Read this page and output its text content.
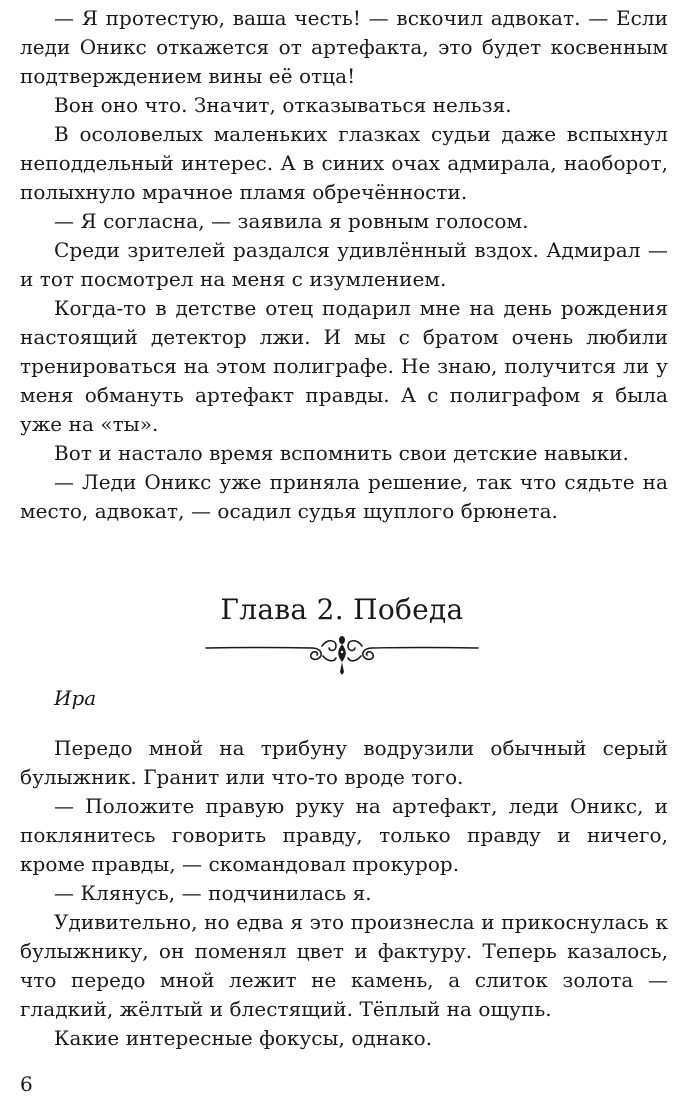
— Я протестую, ваша честь! — вскочил адвокат. — Если леди Оникс откажется от артефакта, это будет косвенным подтверждением вины её отца!

Вон оно что. Значит, отказываться нельзя.

В осоловелых маленьких глазках судьи даже вспыхнул неподдельный интерес. А в синих очах адмирала, наоборот, полыхнуло мрачное пламя обречённости.

— Я согласна, — заявила я ровным голосом.

Среди зрителей раздался удивлённый вздох. Адмирал — и тот посмотрел на меня с изумлением.

Когда-то в детстве отец подарил мне на день рождения настоящий детектор лжи. И мы с братом очень любили тренироваться на этом полиграфе. Не знаю, получится ли у меня обмануть артефакт правды. А с полиграфом я была уже на «ты».

Вот и настало время вспомнить свои детские навыки.

— Леди Оникс уже приняла решение, так что сядьте на место, адвокат, — осадил судья щуплого брюнета.

Глава 2. Победа

Ира

Передо мной на трибуну водрузили обычный серый булыжник. Гранит или что-то вроде того.

— Положите правую руку на артефакт, леди Оникс, и поклянитесь говорить правду, только правду и ничего, кроме правды, — скомандовал прокурор.

— Клянусь, — подчинилась я.

Удивительно, но едва я это произнесла и прикоснулась к булыжнику, он поменял цвет и фактуру. Теперь казалось, что передо мной лежит не камень, а слиток золота — гладкий, жёлтый и блестящий. Тёплый на ощупь.

Какие интересные фокусы, однако.

6
